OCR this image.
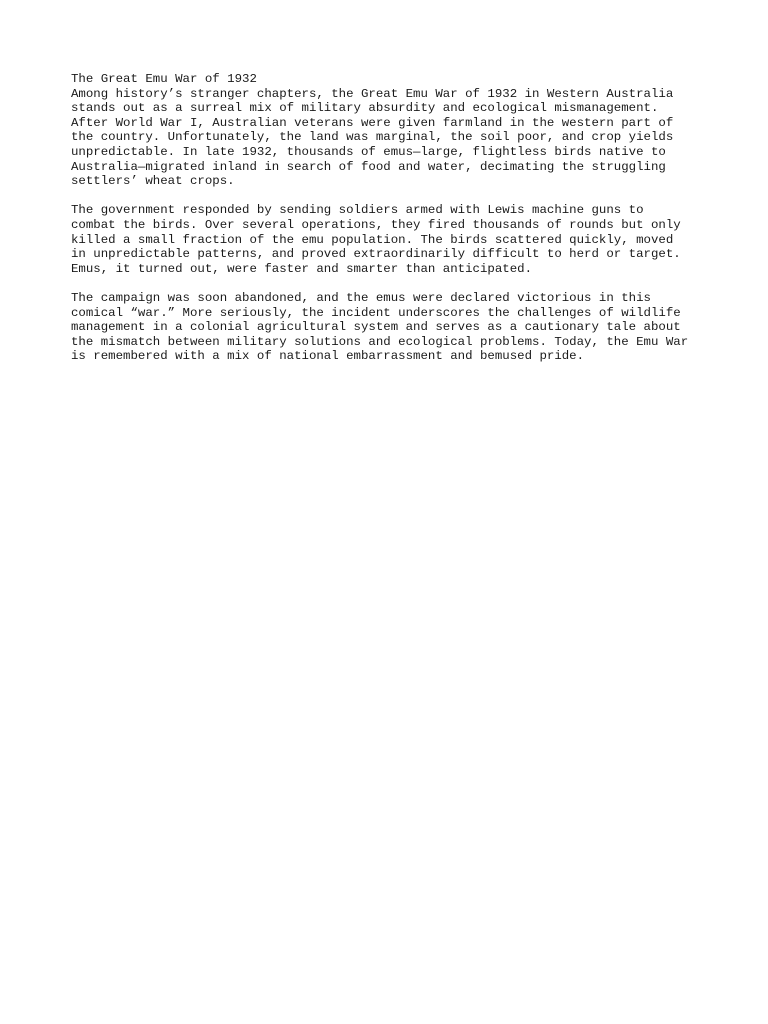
The Great Emu War of 1932

Among history’s stranger chapters, the Great Emu War of 1932 in Western Australia
stands out as a surreal mix of military absurdity and ecological mismanagement.
After World War I, Australian veterans were given farmland in the western part of
the country. Unfortunately, the land was marginal, the soil poor, and crop yields
unpredictable. In late 1932, thousands of emus—large, flightless birds native to
Australia—migrated inland in search of food and water, decimating the struggling
settlers’ wheat crops.

The government responded by sending soldiers armed with Lewis machine guns to
combat the birds. Over several operations, they fired thousands of rounds but only
killed a small fraction of the emu population. The birds scattered quickly, moved
in unpredictable patterns, and proved extraordinarily difficult to herd or target.
Emus, it turned out, were faster and smarter than anticipated.

The campaign was soon abandoned, and the emus were declared victorious in this
comical “war.” More seriously, the incident underscores the challenges of wildlife
management in a colonial agricultural system and serves as a cautionary tale about
the mismatch between military solutions and ecological problems. Today, the Emu War
is remembered with a mix of national embarrassment and bemused pride.
